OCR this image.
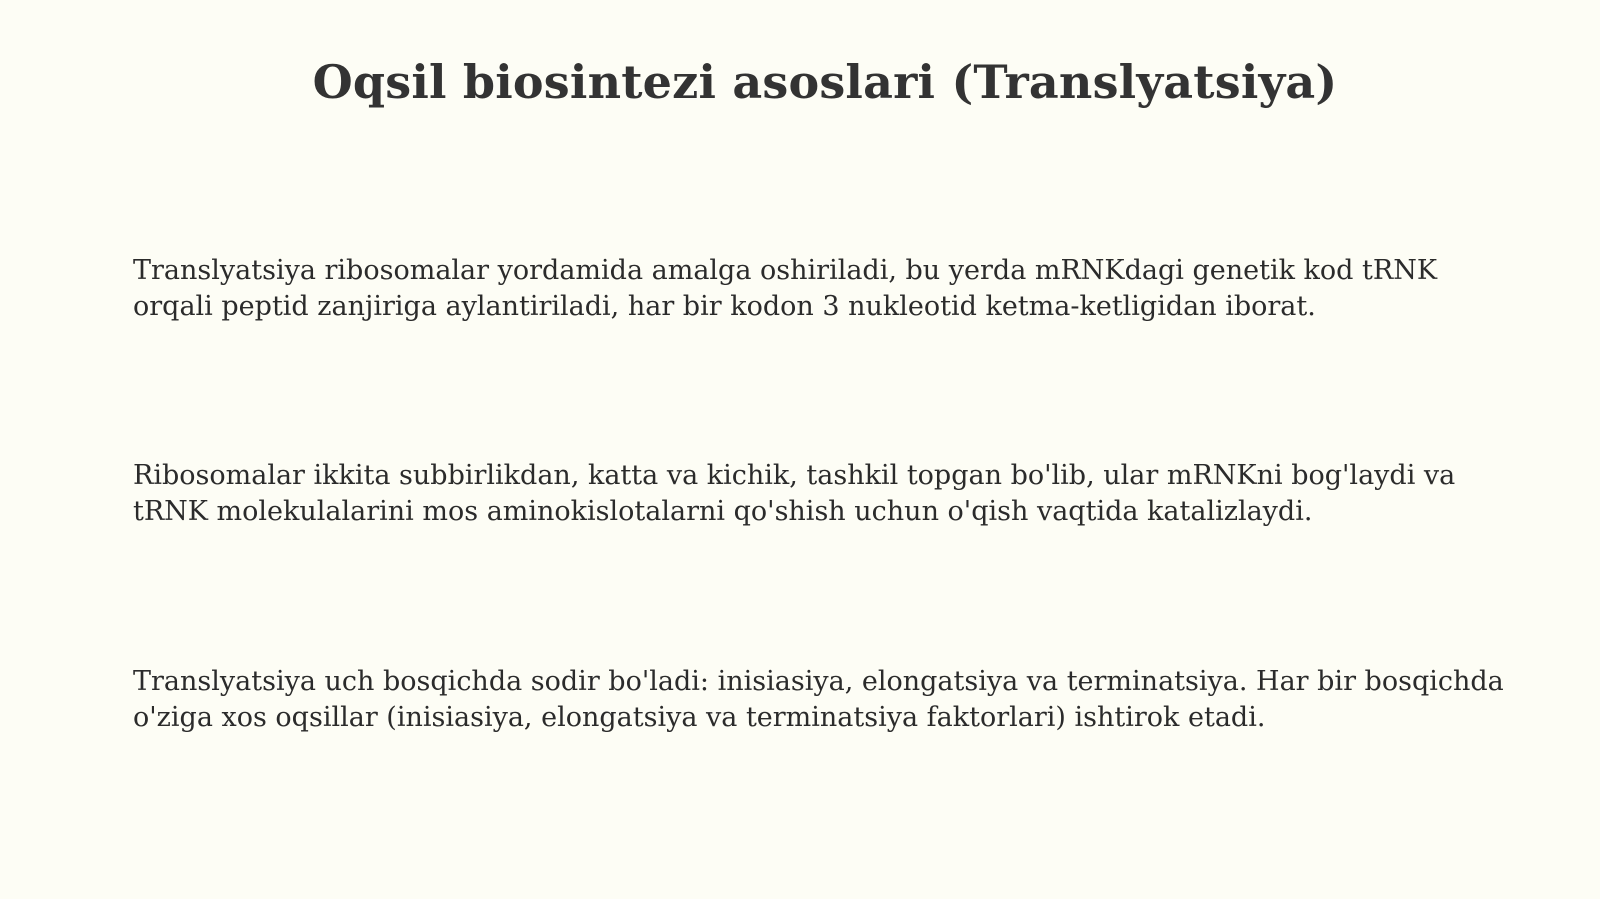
Oqsil biosintezi asoslari (Translyatsiya)

Translyatsiya ribosomalar yordamida amalga oshiriladi, bu yerda mRNKdagi genetik kod tRNK orqali peptid zanjiriga aylantiriladi, har bir kodon 3 nukleotid ketma-ketligidan iborat.

Ribosomalar ikkita subbirlikdan, katta va kichik, tashkil topgan bo'lib, ular mRNKni bog'laydi va tRNK molekulalarini mos aminokislotalarni qo'shish uchun o'qish vaqtida katalizlaydi.

Translyatsiya uch bosqichda sodir bo'ladi: inisiasiya, elongatsiya va terminatsiya. Har bir bosqichda o'ziga xos oqsillar (inisiasiya, elongatsiya va terminatsiya faktorlari) ishtirok etadi.
